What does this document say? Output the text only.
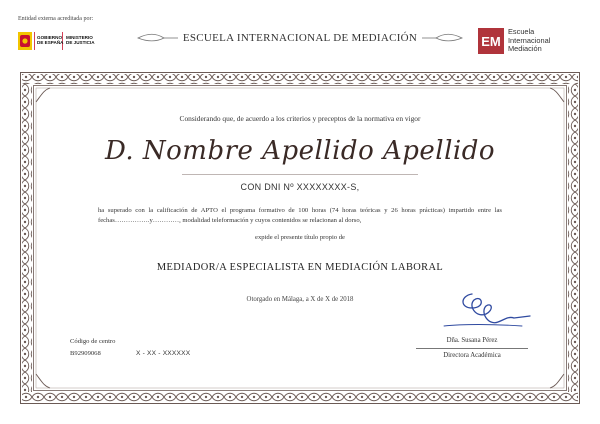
Entidad externa acreditada por:
GOBIERNO
DE ESPAÑA
MINISTERIO
DE JUSTICIA	ESCUELA INTERNACIONAL DE MEDIACIÓN	EM
Escuela
Internacional
Mediación
Considerando que, de acuerdo a los criterios y preceptos de la normativa en vigor
D. Nombre Apellido Apellido
CON DNI Nº XXXXXXXX-S,
ha superado con la calificación de APTO el programa formativo de 100 horas (74 horas teóricas y 26 horas prácticas) impartido entre las fechas…………….y…………, modalidad teleformación y cuyos contenidos se relacionan al dorso,
expide el presente título propio de
MEDIADOR/A ESPECIALISTA EN MEDIACIÓN LABORAL
Otorgado en Málaga, a X de X de 2018
Código de centro
B92909068	X - XX - XXXXXX
Dña. Susana Pérez
Directora Académica
